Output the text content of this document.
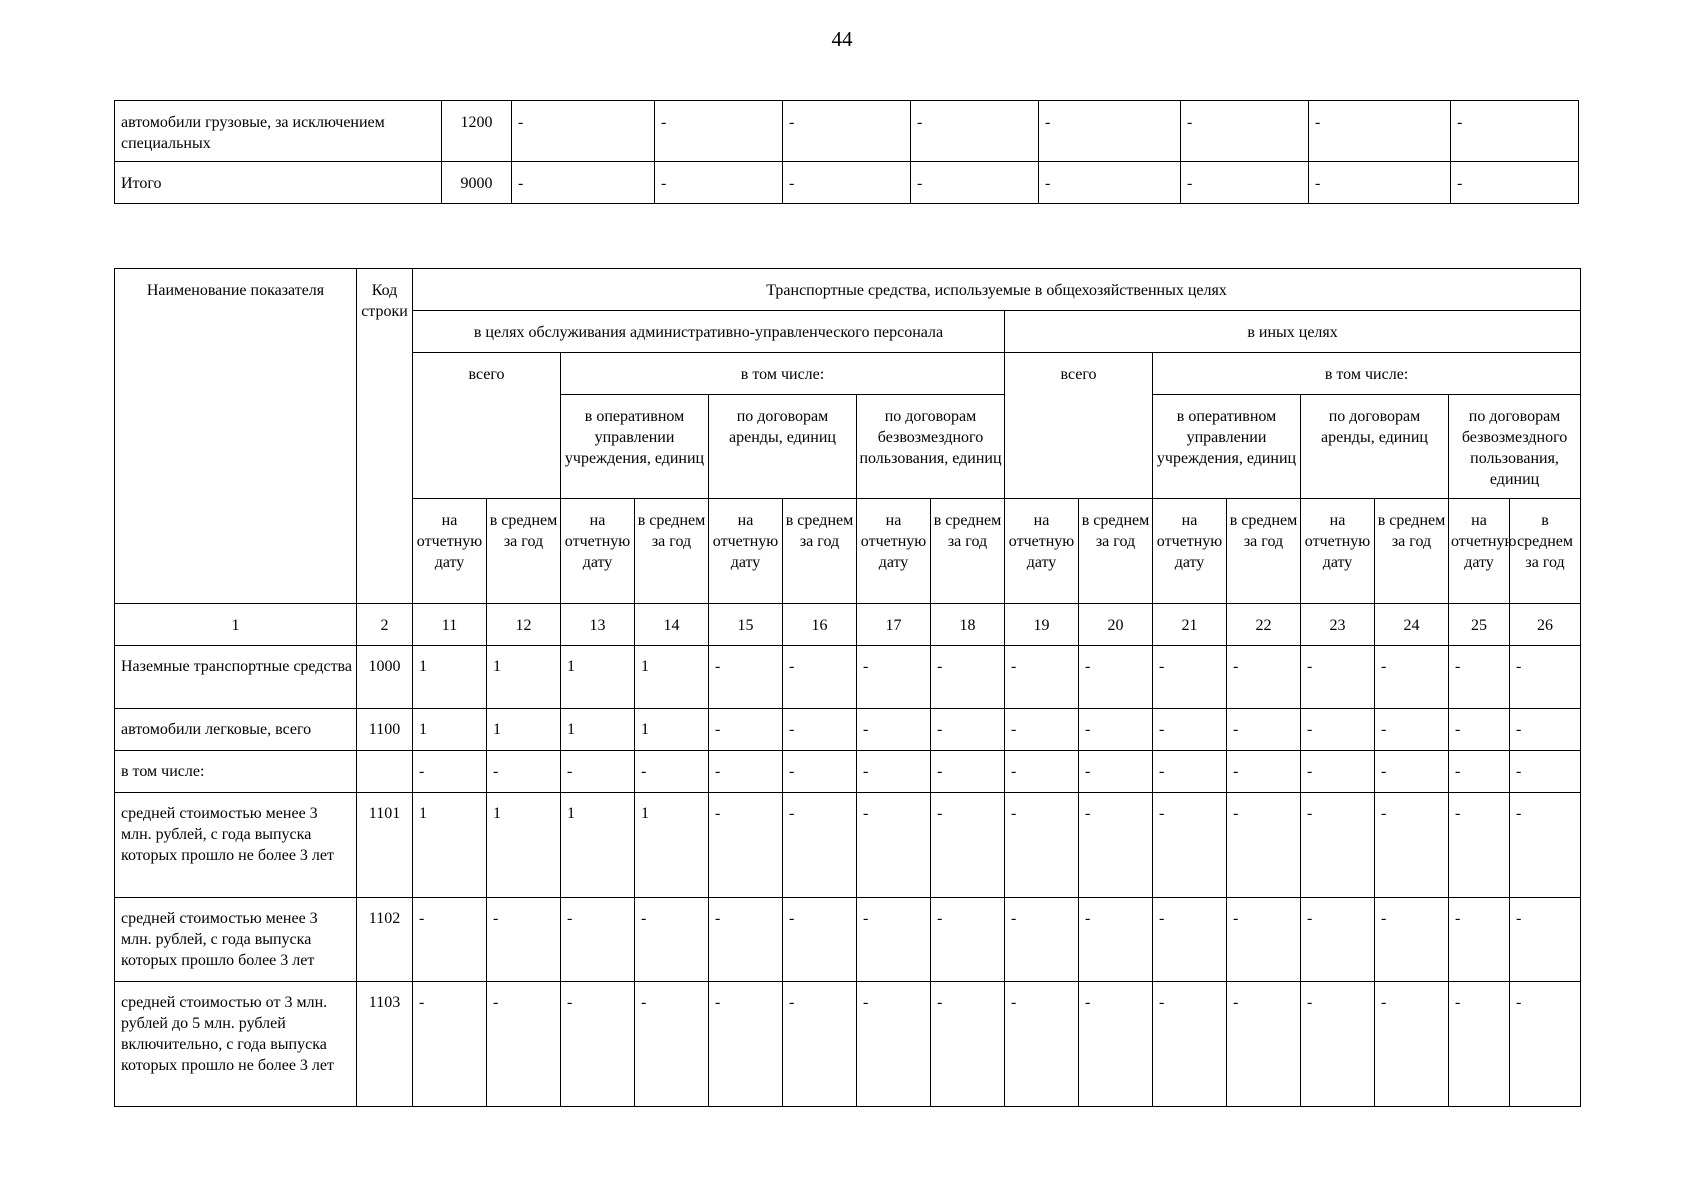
44
автомобили грузовые, за исключением специальных	1200	-	-	-	-	-	-	-	-
Итого	9000	-	-	-	-	-	-	-	-
Наименование показателя	Код строки	Транспортные средства, используемые в общехозяйственных целях															
		в целях обслуживания административно-управленческого персонала								в иных целях							
		всего		в том числе:						всего		в том числе:					
				в оперативном управлении учреждения, единиц		по договорам аренды, единиц		по договорам безвозмездного пользования, единиц				в оперативном управлении учреждения, единиц		по договорам аренды, единиц		по договорам безвозмездного пользования, единиц	
		на отчетную дату	в среднем за год	на отчетную дату	в среднем за год	на отчетную дату	в среднем за год	на отчетную дату	в среднем за год	на отчетную дату	в среднем за год	на отчетную дату	в среднем за год	на отчетную дату	в среднем за год	на отчетную дату	в среднем за год
1	2	11	12	13	14	15	16	17	18	19	20	21	22	23	24	25	26
Наземные транспортные средства	1000	1	1	1	1	-	-	-	-	-	-	-	-	-	-	-	-
автомобили легковые, всего	1100	1	1	1	1	-	-	-	-	-	-	-	-	-	-	-	-
в том числе:		-	-	-	-	-	-	-	-	-	-	-	-	-	-	-	-
средней стоимостью менее 3 млн. рублей, с года выпуска которых прошло не более 3 лет	1101	1	1	1	1	-	-	-	-	-	-	-	-	-	-	-	-
средней стоимостью менее 3 млн. рублей, с года выпуска которых прошло более 3 лет	1102	-	-	-	-	-	-	-	-	-	-	-	-	-	-	-	-
средней стоимостью от 3 млн. рублей до 5 млн. рублей включительно, с года выпуска которых прошло не более 3 лет	1103	-	-	-	-	-	-	-	-	-	-	-	-	-	-	-	-
